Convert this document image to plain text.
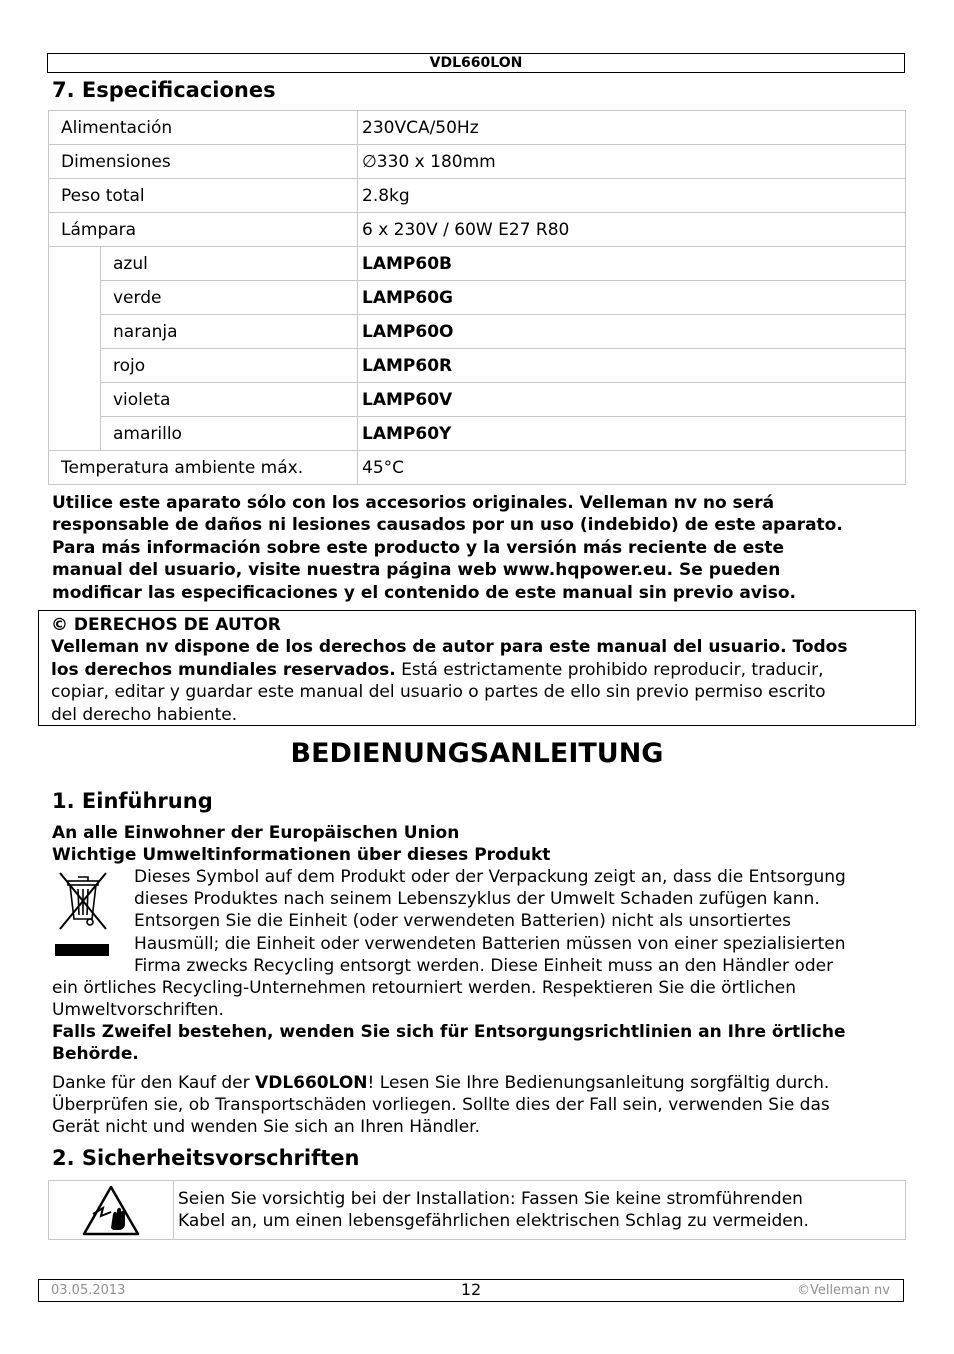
VDL660LON
7. Especificaciones
Alimentación		230VCA/50Hz
Dimensiones		∅330 x 180mm
Peso total		2.8kg
Lámpara		6 x 230V / 60W E27 R80
	azul	LAMP60B
	verde	LAMP60G
	naranja	LAMP60O
	rojo	LAMP60R
	violeta	LAMP60V
	amarillo	LAMP60Y
Temperatura ambiente máx.		45°C
Utilice este aparato sólo con los accesorios originales. Velleman nv no será
responsable de daños ni lesiones causados por un uso (indebido) de este aparato.
Para más información sobre este producto y la versión más reciente de este
manual del usuario, visite nuestra página web www.hqpower.eu. Se pueden
modificar las especificaciones y el contenido de este manual sin previo aviso.
© DERECHOS DE AUTOR
Velleman nv dispone de los derechos de autor para este manual del usuario. Todos
los derechos mundiales reservados. Está estrictamente prohibido reproducir, traducir,
copiar, editar y guardar este manual del usuario o partes de ello sin previo permiso escrito
del derecho habiente.
BEDIENUNGSANLEITUNG
1. Einführung
An alle Einwohner der Europäischen Union
Wichtige Umweltinformationen über dieses Produkt
Dieses Symbol auf dem Produkt oder der Verpackung zeigt an, dass die Entsorgung
dieses Produktes nach seinem Lebenszyklus der Umwelt Schaden zufügen kann.
Entsorgen Sie die Einheit (oder verwendeten Batterien) nicht als unsortiertes
Hausmüll; die Einheit oder verwendeten Batterien müssen von einer spezialisierten
Firma zwecks Recycling entsorgt werden. Diese Einheit muss an den Händler oder
ein örtliches Recycling-Unternehmen retourniert werden. Respektieren Sie die örtlichen
Umweltvorschriften.
Falls Zweifel bestehen, wenden Sie sich für Entsorgungsrichtlinien an Ihre örtliche
Behörde.
Danke für den Kauf der VDL660LON! Lesen Sie Ihre Bedienungsanleitung sorgfältig durch.
Überprüfen sie, ob Transportschäden vorliegen. Sollte dies der Fall sein, verwenden Sie das
Gerät nicht und wenden Sie sich an Ihren Händler.
2. Sicherheitsvorschriften

Seien Sie vorsichtig bei der Installation: Fassen Sie keine stromführenden
Kabel an, um einen lebensgefährlichen elektrischen Schlag zu vermeiden.
03.05.2013	12	©Velleman nv
